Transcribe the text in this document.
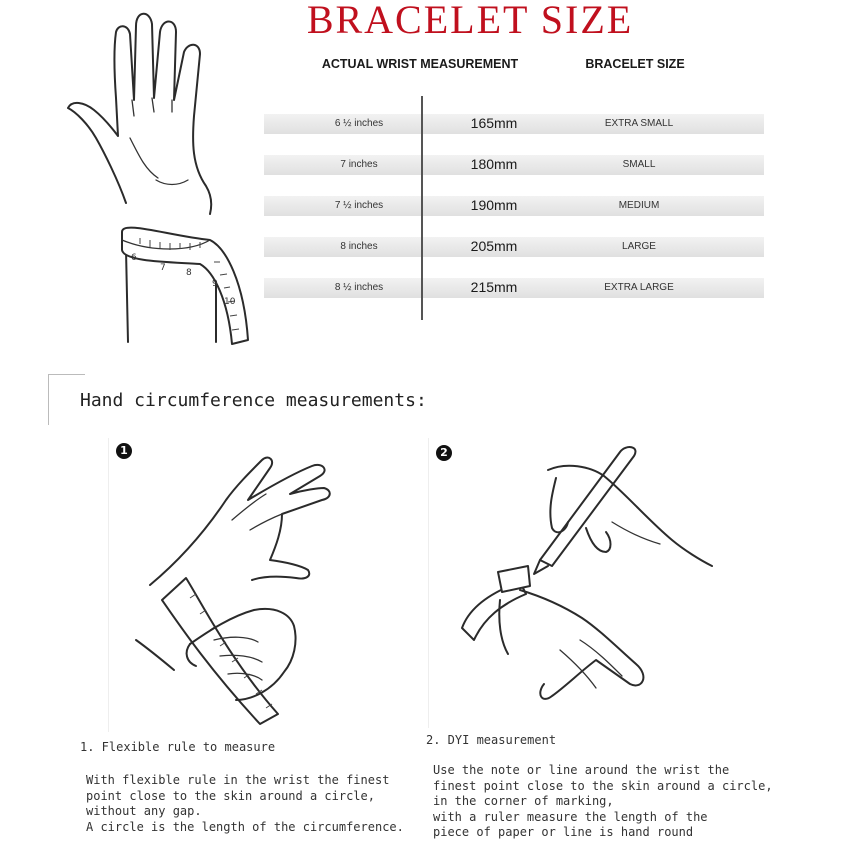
BRACELET SIZE
6
7 8
9
10
ACTUAL WRIST MEASUREMENT	BRACELET SIZE
6 ½ inches	165mm	EXTRA SMALL
7 inches	180mm	SMALL
7 ½ inches	190mm	MEDIUM
8 inches	205mm	LARGE
8 ½ inches	215mm	EXTRA LARGE
Hand circumference measurements:
1	2
1. Flexible rule to measure
With flexible rule in the wrist the finest
point close to the skin around a circle,
without any gap.
A circle is the length of the circumference.
2. DYI measurement
Use the note or line around the wrist the
finest point close to the skin around a circle,
in the corner of marking,
with a ruler measure the length of the
piece of paper or line is hand round
